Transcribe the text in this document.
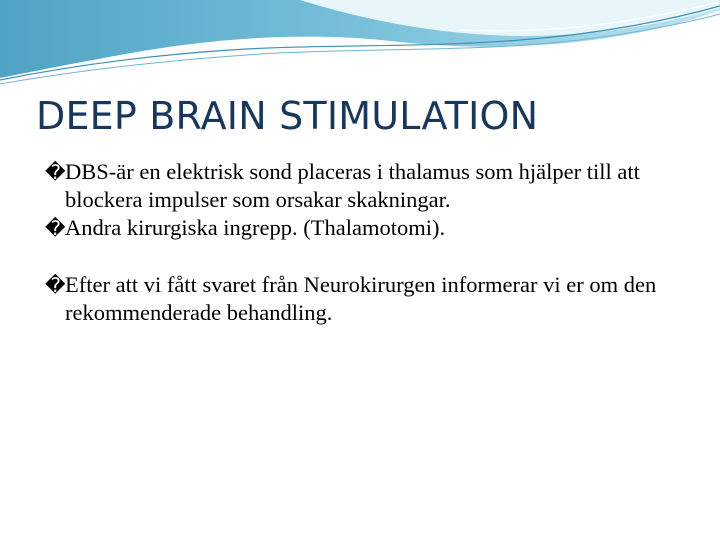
DEEP BRAIN STIMULATION

� DBS-är en elektrisk sond placeras i thalamus som hjälper till att blockera impulser som orsakar skakningar.

� Andra kirurgiska ingrepp. (Thalamotomi).

� Efter att vi fått svaret från Neurokirurgen informerar vi er om den rekommenderade behandling.
